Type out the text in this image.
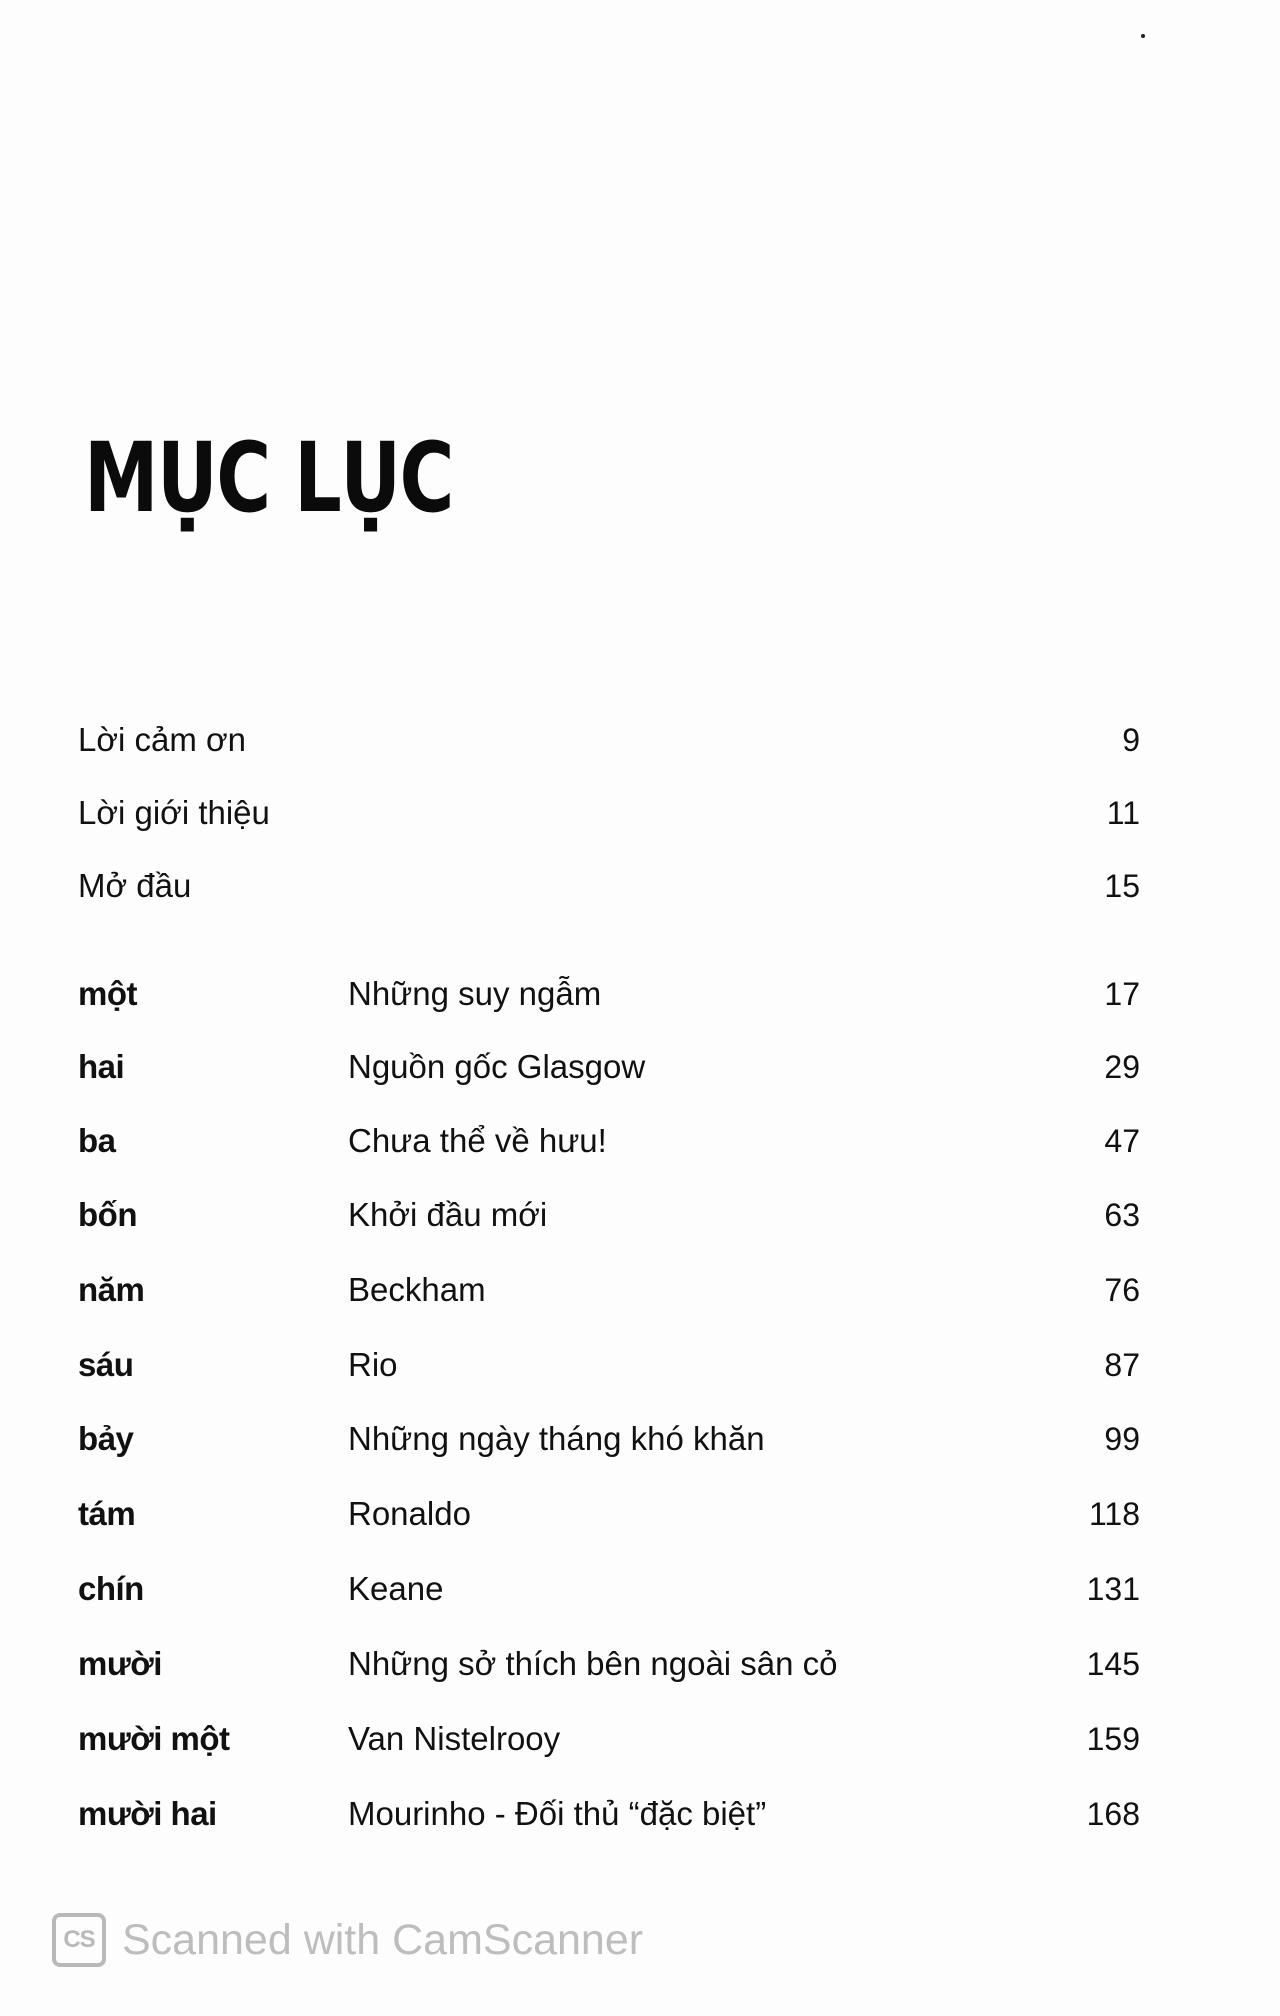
MỤC LỤC
Lời cảm ơn	9
Lời giới thiệu	11
Mở đầu	15
một	Những suy ngẫm	17
hai	Nguồn gốc Glasgow	29
ba	Chưa thể về hưu!	47
bốn	Khởi đầu mới	63
năm	Beckham	76
sáu	Rio	87
bảy	Những ngày tháng khó khăn	99
tám	Ronaldo	118
chín	Keane	131
mười	Những sở thích bên ngoài sân cỏ	145
mười một	Van Nistelrooy	159
mười hai	Mourinho - Đối thủ “đặc biệt”	168
CS Scanned with CamScanner
